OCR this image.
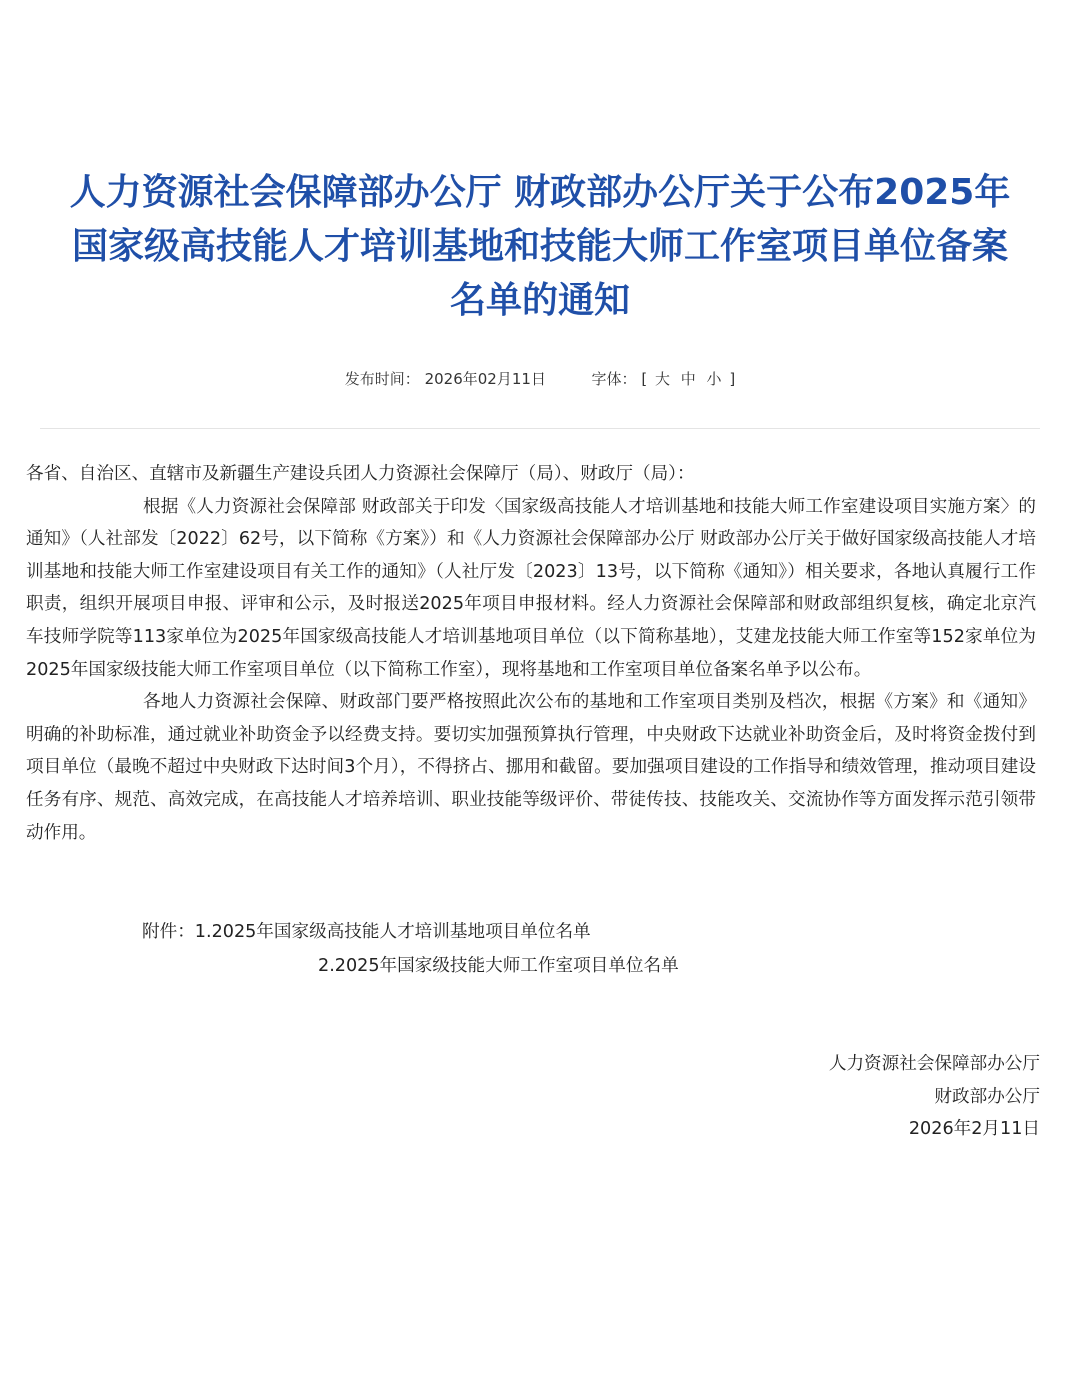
人力资源社会保障部办公厅 财政部办公厅关于公布2025年
国家级高技能人才培训基地和技能大师工作室项目单位备案
名单的通知
发布时间： 2026年02月11日	字体： [ 大 中 小 ]

各省、自治区、直辖市及新疆生产建设兵团人力资源社会保障厅（局）、财政厅（局）：

根据《人力资源社会保障部 财政部关于印发〈国家级高技能人才培训基地和技能大师工作室建设项目实施方案〉的通知》（人社部发〔2022〕62号，以下简称《方案》）和《人力资源社会保障部办公厅 财政部办公厅关于做好国家级高技能人才培训基地和技能大师工作室建设项目有关工作的通知》（人社厅发〔2023〕13号，以下简称《通知》）相关要求，各地认真履行工作职责，组织开展项目申报、评审和公示，及时报送2025年项目申报材料。经人力资源社会保障部和财政部组织复核，确定北京汽车技师学院等113家单位为2025年国家级高技能人才培训基地项目单位（以下简称基地），艾建龙技能大师工作室等152家单位为2025年国家级技能大师工作室项目单位（以下简称工作室），现将基地和工作室项目单位备案名单予以公布。

各地人力资源社会保障、财政部门要严格按照此次公布的基地和工作室项目类别及档次，根据《方案》和《通知》明确的补助标准，通过就业补助资金予以经费支持。要切实加强预算执行管理，中央财政下达就业补助资金后，及时将资金拨付到项目单位（最晚不超过中央财政下达时间3个月），不得挤占、挪用和截留。要加强项目建设的工作指导和绩效管理，推动项目建设任务有序、规范、高效完成，在高技能人才培养培训、职业技能等级评价、带徒传技、技能攻关、交流协作等方面发挥示范引领带动作用。

附件：1.2025年国家级高技能人才培训基地项目单位名单
2.2025年国家级技能大师工作室项目单位名单
人力资源社会保障部办公厅
财政部办公厅
2026年2月11日
